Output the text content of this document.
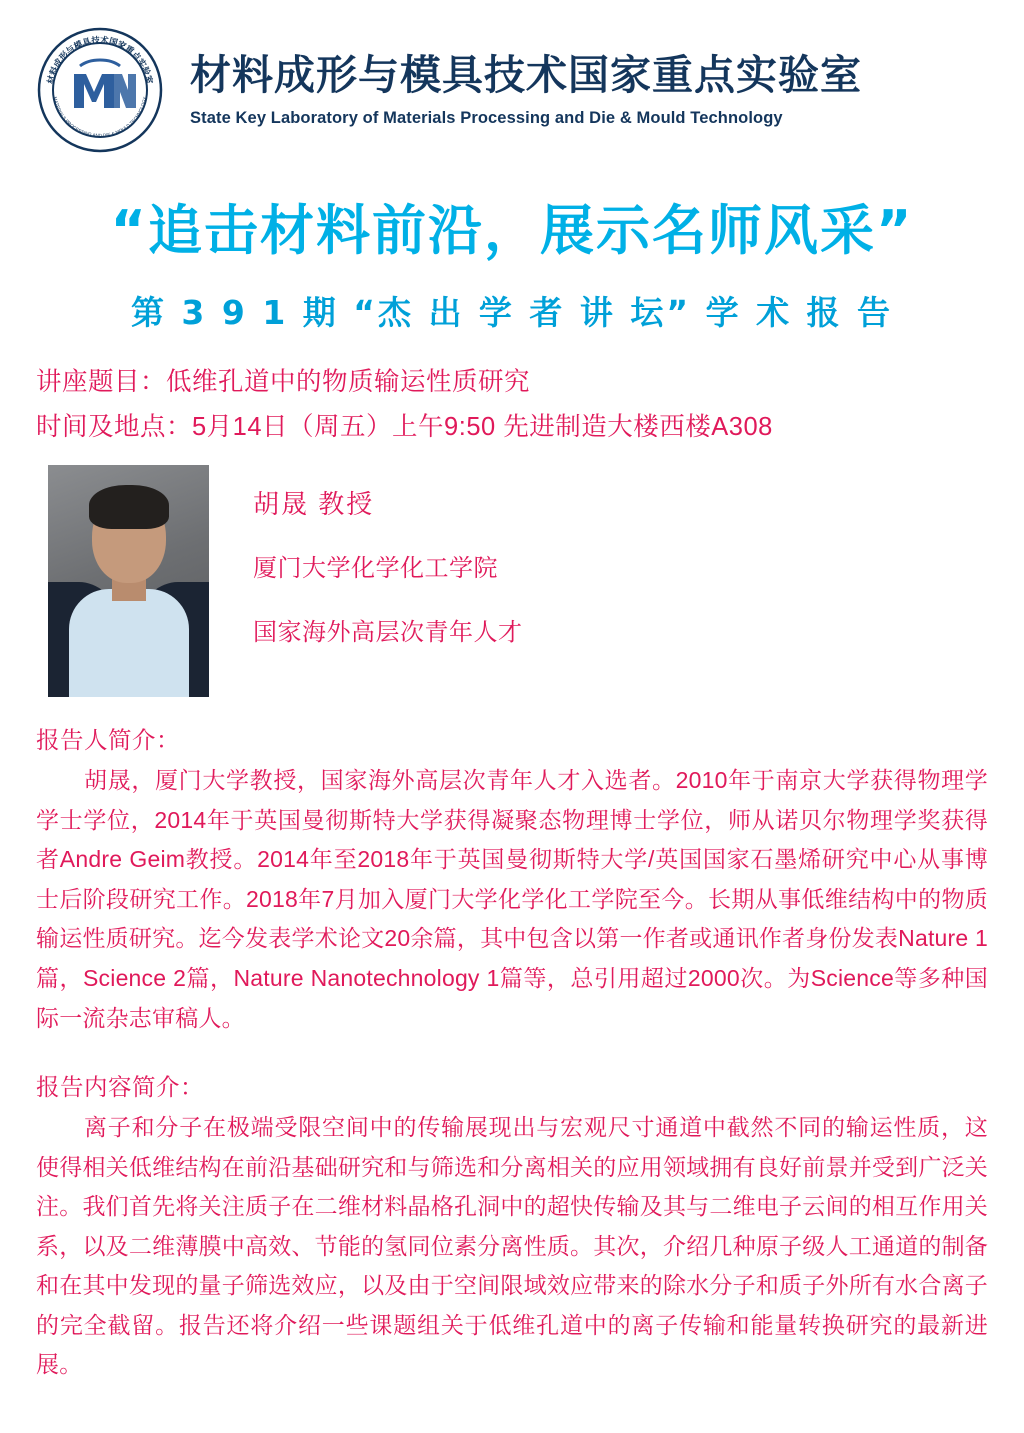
材料成形与模具技术国家重点实验室
MATERIALS PROCESSING AND DIE & MOULD TECHNOLOGY 材料成形与模具技术国家重点实验室
State Key Laboratory of Materials Processing and Die & Mould Technology
“追击材料前沿，展示名师风采”
第 3 9 1 期 “杰 出 学 者 讲 坛” 学 术 报 告
讲座题目：低维孔道中的物质输运性质研究
时间及地点：5月14日（周五）上午9:50 先进制造大楼西楼A308
胡晟 教授
厦门大学化学化工学院
国家海外高层次青年人才
报告人简介：
胡晟，厦门大学教授，国家海外高层次青年人才入选者。2010年于南京大学获得物理学学士学位，2014年于英国曼彻斯特大学获得凝聚态物理博士学位，师从诺贝尔物理学奖获得者Andre Geim教授。2014年至2018年于英国曼彻斯特大学/英国国家石墨烯研究中心从事博士后阶段研究工作。2018年7月加入厦门大学化学化工学院至今。长期从事低维结构中的物质输运性质研究。迄今发表学术论文20余篇，其中包含以第一作者或通讯作者身份发表Nature 1篇，Science 2篇，Nature Nanotechnology 1篇等，总引用超过2000次。为Science等多种国际一流杂志审稿人。
报告内容简介：
离子和分子在极端受限空间中的传输展现出与宏观尺寸通道中截然不同的输运性质，这使得相关低维结构在前沿基础研究和与筛选和分离相关的应用领域拥有良好前景并受到广泛关注。我们首先将关注质子在二维材料晶格孔洞中的超快传输及其与二维电子云间的相互作用关系，以及二维薄膜中高效、节能的氢同位素分离性质。其次，介绍几种原子级人工通道的制备和在其中发现的量子筛选效应，以及由于空间限域效应带来的除水分子和质子外所有水合离子的完全截留。报告还将介绍一些课题组关于低维孔道中的离子传输和能量转换研究的最新进展。
